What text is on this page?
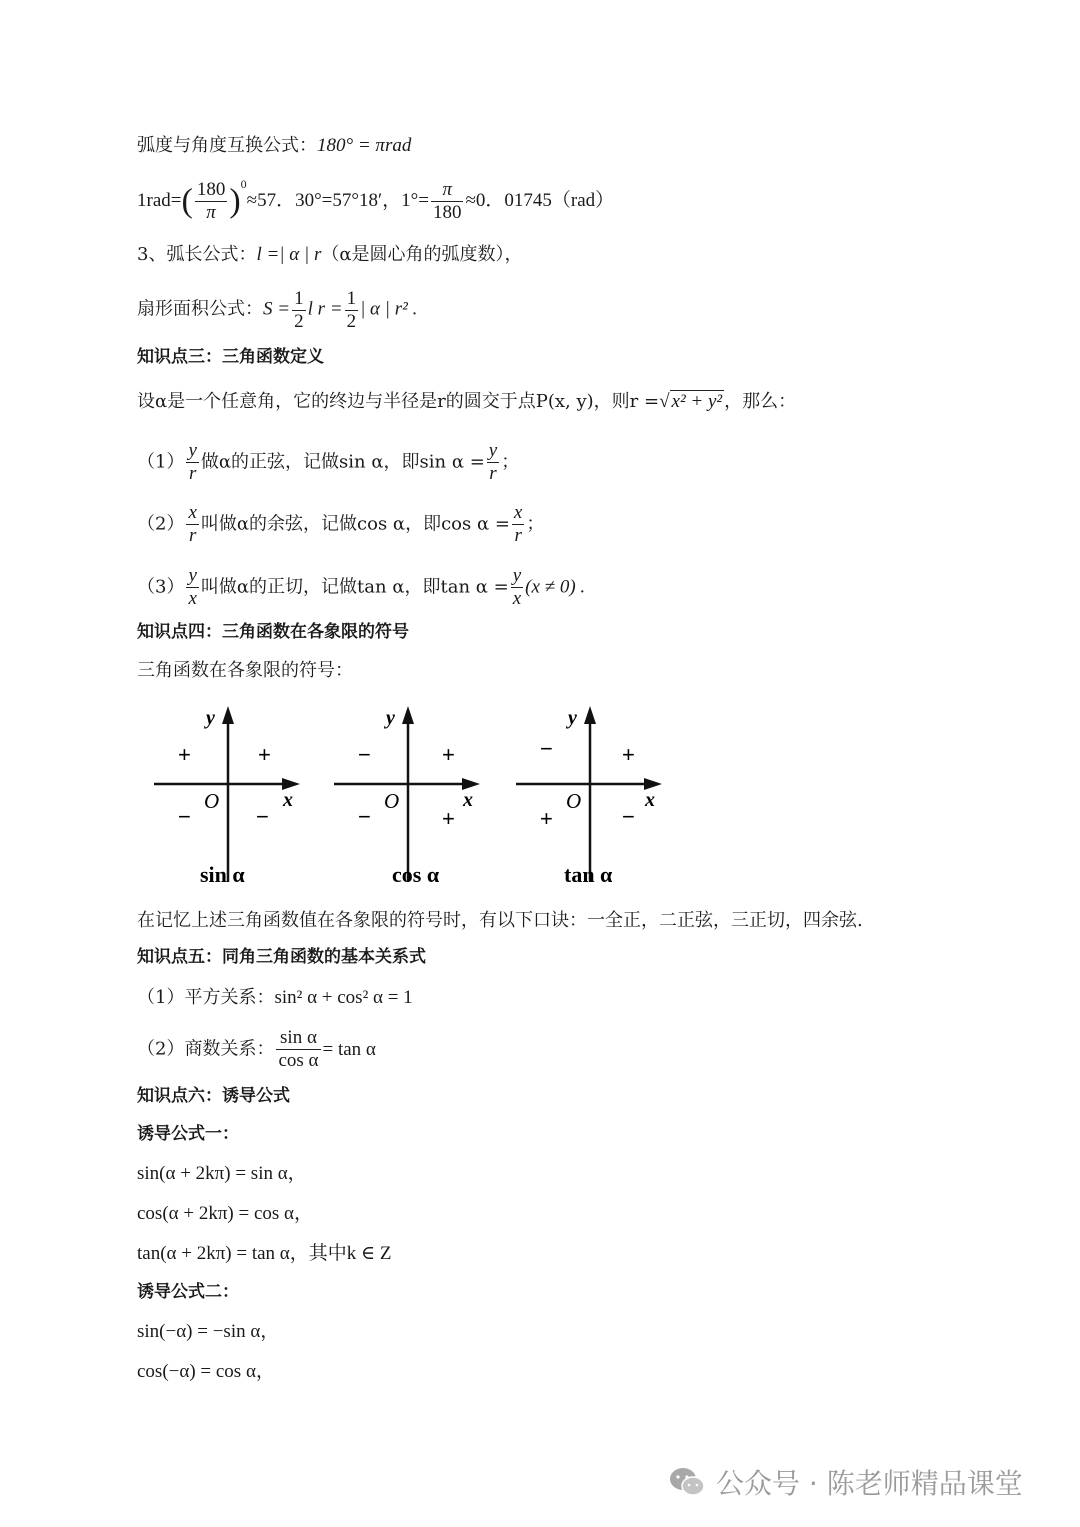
弧度与角度互换公式：180° = πrad
$1rad=( \frac{180}{\pi} )^0\approx 57$．30°=57°18′，$1^\circ= \frac{\pi}{180} \approx 0$．01745（rad）
3、弧长公式：l =| α | r（α是圆心角的弧度数），
扇形面积公式：$S = \frac{1}{2}$ l $r = \frac{1}{2}$ | α | r² .
知识点三：三角函数定义
设α是一个任意角，它的终边与半径是r的圆交于点P(x, y)，则r =√ x² + y² ，那么：
$(1) \frac{y}{r}$ 做α的正弦，记做sin α，即$\sin \alpha = \frac{y}{r}$ ；
$(2) \frac{x}{r}$ 叫做α的余弦，记做cos α，即$\cos \alpha = \frac{x}{r}$ ；
$(3) \frac{y}{x}$ 叫做α的正切，记做tan α，即$\tan \alpha = \frac{y}{x} (x \ne 0)$ .
知识点四：三角函数在各象限的符号
三角函数在各象限的符号：
y
x
O
+	+
−	−
sin α
y
x
O
−	+
−	+
cos α
y
x
O
−	+
+	−
tan α
在记忆上述三角函数值在各象限的符号时，有以下口诀：一全正，二正弦，三正切，四余弦.
知识点五：同角三角函数的基本关系式
（1）平方关系：sin² α + cos² α = 1
（2）商数关系： $\frac{\text{sin α}}{\text{cos α}} = \tan \alpha$
知识点六：诱导公式
诱导公式一：
sin(α + 2kπ) = sin α，
cos(α + 2kπ) = cos α，
tan(α + 2kπ) = tan α，其中k ∈ Z
诱导公式二：
sin(−α) = −sin α，
cos(−α) = cos α，
公众号 · 陈老师精品课堂
